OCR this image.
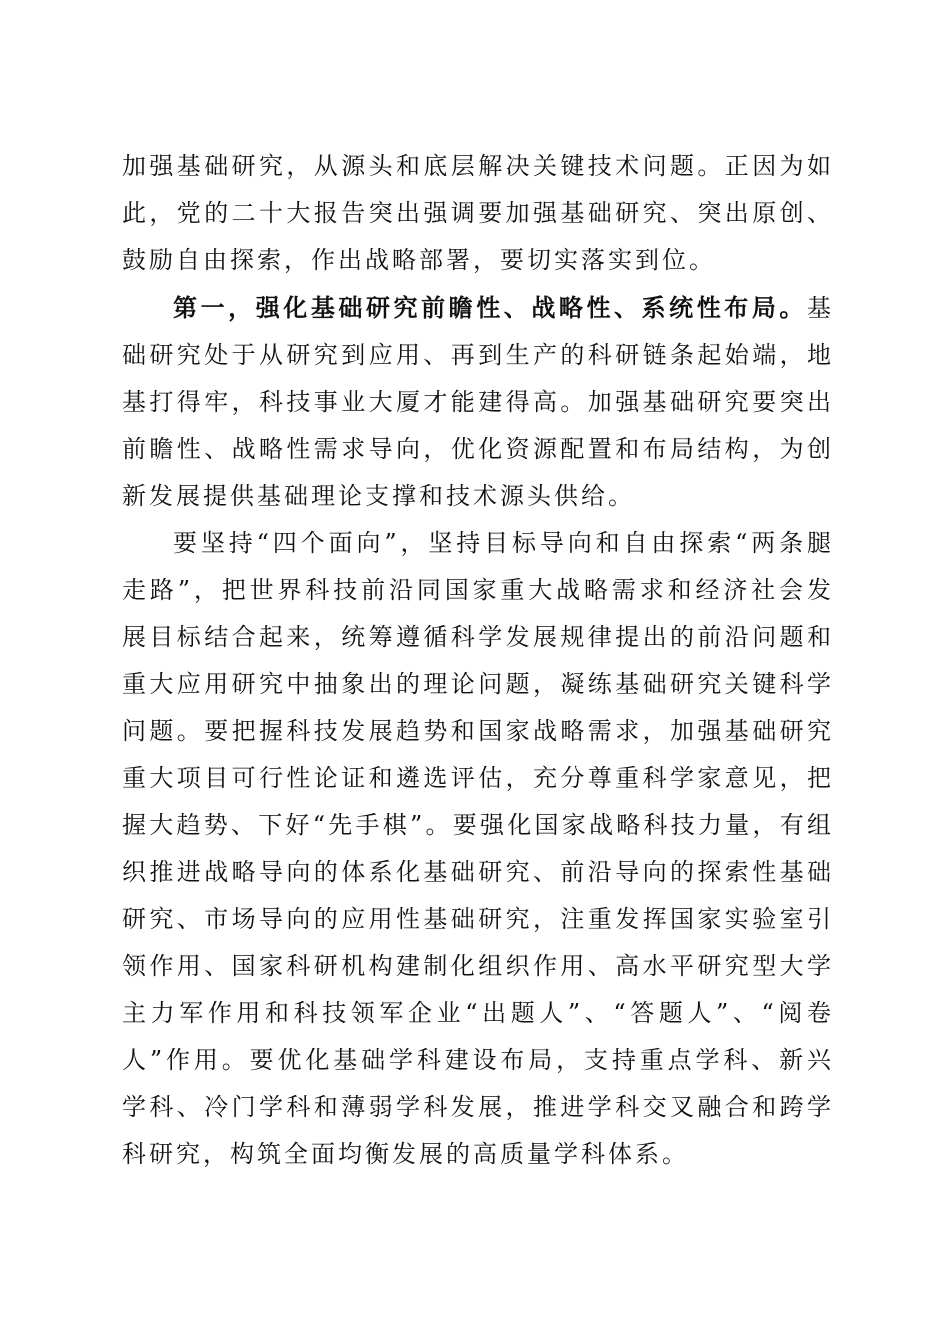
加强基础研究，从源头和底层解决关键技术问题。正因为如此，党的二十大报告突出强调要加强基础研究、突出原创、鼓励自由探索，作出战略部署，要切实落实到位。

第一，强化基础研究前瞻性、战略性、系统性布局。基础研究处于从研究到应用、再到生产的科研链条起始端，地基打得牢，科技事业大厦才能建得高。加强基础研究要突出前瞻性、战略性需求导向，优化资源配置和布局结构，为创新发展提供基础理论支撑和技术源头供给。

要坚持“四个面向”，坚持目标导向和自由探索“两条腿走路”，把世界科技前沿同国家重大战略需求和经济社会发展目标结合起来，统筹遵循科学发展规律提出的前沿问题和重大应用研究中抽象出的理论问题，凝练基础研究关键科学问题。要把握科技发展趋势和国家战略需求，加强基础研究重大项目可行性论证和遴选评估，充分尊重科学家意见，把握大趋势、下好“先手棋”。要强化国家战略科技力量，有组织推进战略导向的体系化基础研究、前沿导向的探索性基础研究、市场导向的应用性基础研究，注重发挥国家实验室引领作用、国家科研机构建制化组织作用、高水平研究型大学主力军作用和科技领军企业“出题人”、“答题人”、“阅卷人”作用。要优化基础学科建设布局，支持重点学科、新兴学科、冷门学科和薄弱学科发展，推进学科交叉融合和跨学科研究，构筑全面均衡发展的高质量学科体系。
